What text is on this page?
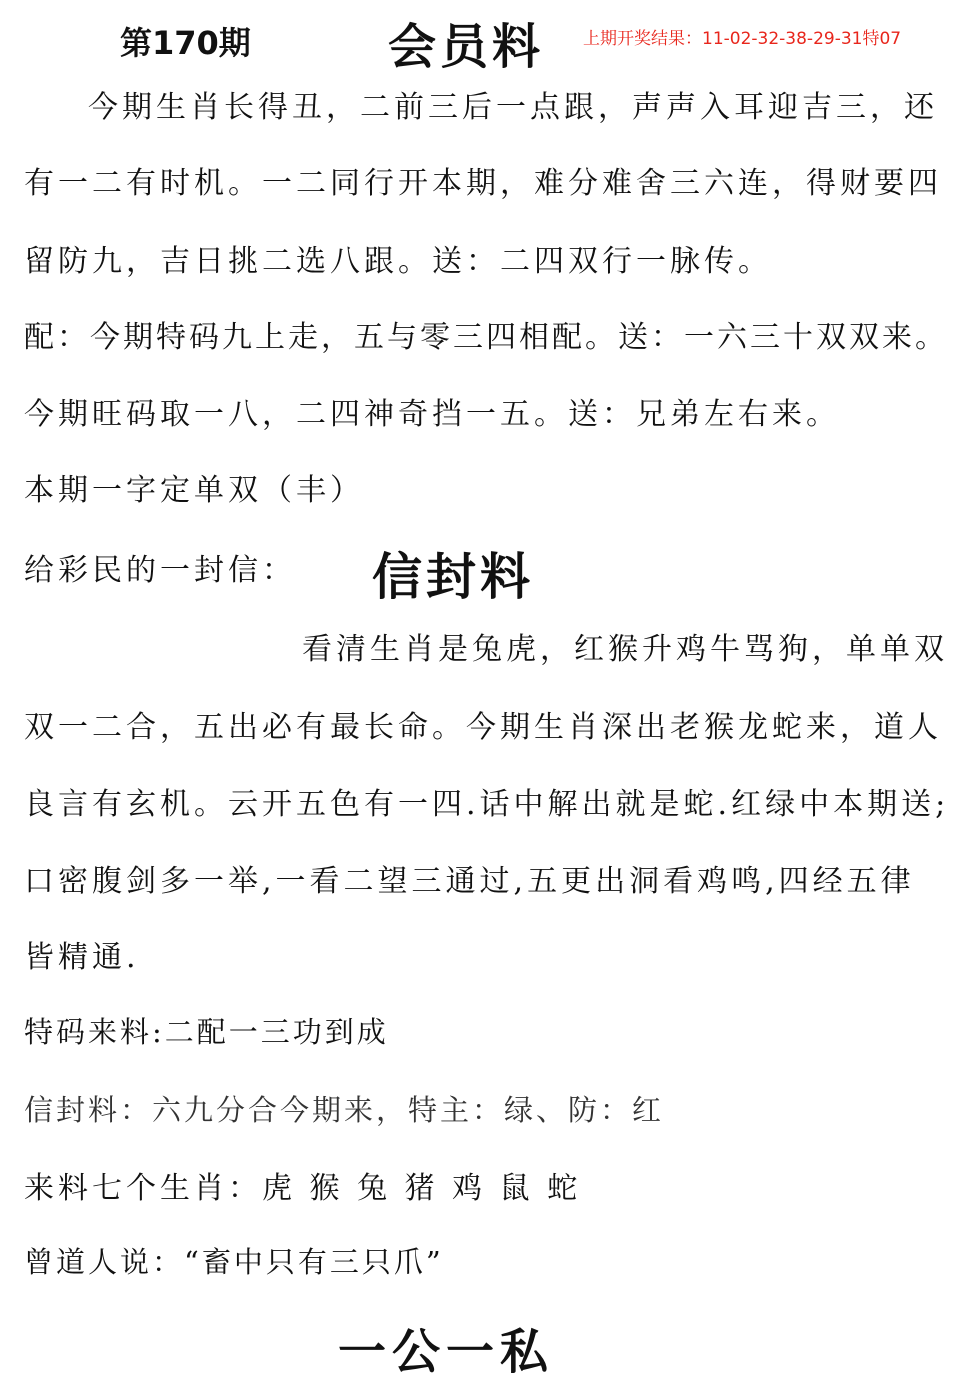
第170期	会员料 上期开奖结果：11-02-32-38-29-31特07
今期生肖长得丑，二前三后一点跟，声声入耳迎吉三，还
有一二有时机。一二同行开本期，难分难舍三六连，得财要四
留防九，吉日挑二选八跟。送：二四双行一脉传。
配：今期特码九上走，五与零三四相配。送：一六三十双双来。
今期旺码取一八，二四神奇挡一五。送：兄弟左右来。
本期一字定单双（丰）
给彩民的一封信： 信封料
看清生肖是兔虎，红猴升鸡牛骂狗，单单双
双一二合，五出必有最长命。今期生肖深出老猴龙蛇来，道人
良言有玄机。云开五色有一四.话中解出就是蛇.红绿中本期送;
口密腹剑多一举,一看二望三通过,五更出洞看鸡鸣,四经五律
皆精通.
特码来料:二配一三功到成
信封料：六九分合今期来，特主：绿、防：红
来料七个生肖：虎 猴 兔 猪 鸡 鼠 蛇
曾道人说：“畜中只有三只爪”
一公一私
